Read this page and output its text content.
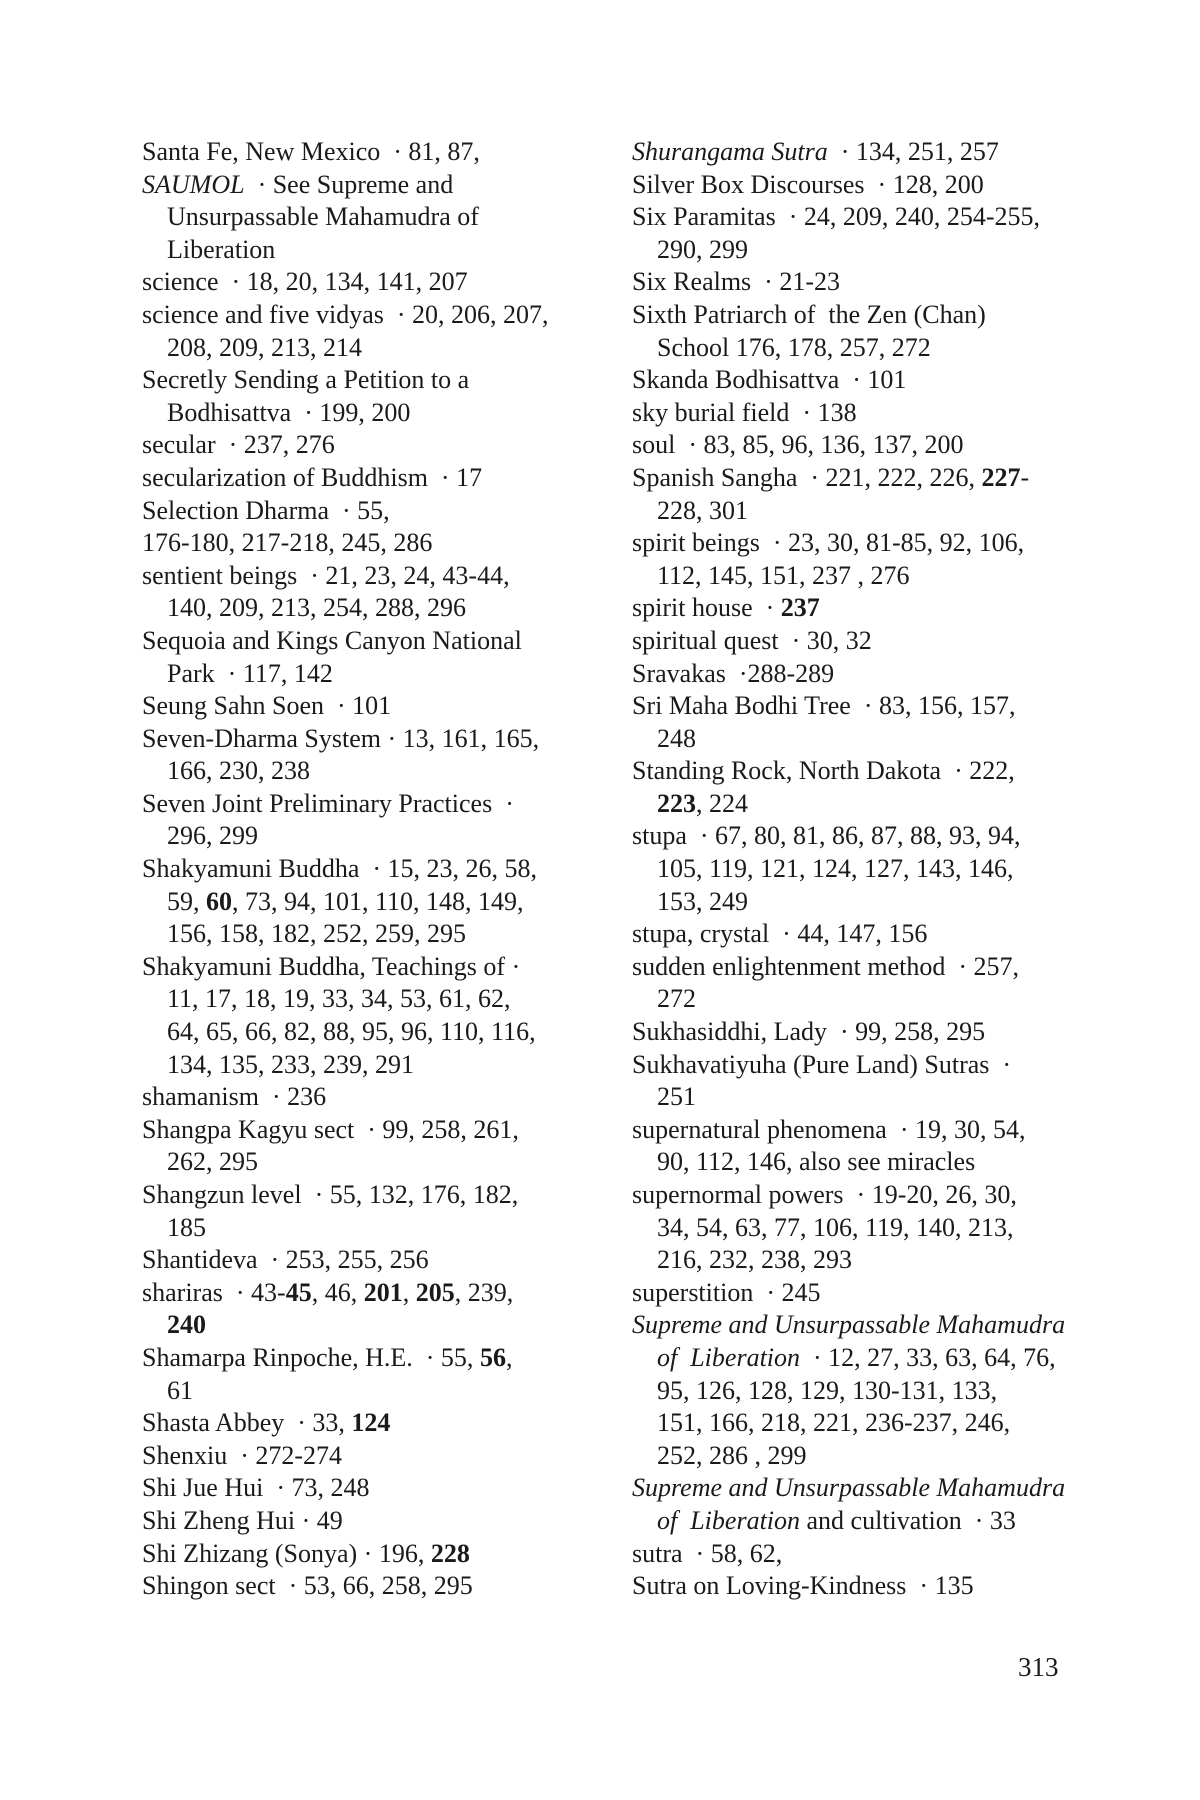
Santa Fe, New Mexico  · 81, 87,
SAUMOL  · See Supreme and
Unsurpassable Mahamudra of
Liberation
science  · 18, 20, 134, 141, 207
science and five vidyas  · 20, 206, 207,
208, 209, 213, 214
Secretly Sending a Petition to a
Bodhisattva  · 199, 200
secular  · 237, 276
secularization of Buddhism  · 17
Selection Dharma  · 55,
176-180, 217-218, 245, 286
sentient beings  · 21, 23, 24, 43-44,
140, 209, 213, 254, 288, 296
Sequoia and Kings Canyon National
Park  · 117, 142
Seung Sahn Soen  · 101
Seven-Dharma System · 13, 161, 165,
166, 230, 238
Seven Joint Preliminary Practices  ·
296, 299
Shakyamuni Buddha  · 15, 23, 26, 58,
59, 60, 73, 94, 101, 110, 148, 149,
156, 158, 182, 252, 259, 295
Shakyamuni Buddha, Teachings of ·
11, 17, 18, 19, 33, 34, 53, 61, 62,
64, 65, 66, 82, 88, 95, 96, 110, 116,
134, 135, 233, 239, 291
shamanism  · 236
Shangpa Kagyu sect  · 99, 258, 261,
262, 295
Shangzun level  · 55, 132, 176, 182,
185
Shantideva  · 253, 255, 256
shariras  · 43-45, 46, 201, 205, 239,
240
Shamarpa Rinpoche, H.E.  · 55, 56,
61
Shasta Abbey  · 33, 124
Shenxiu  · 272-274
Shi Jue Hui  · 73, 248
Shi Zheng Hui · 49
Shi Zhizang (Sonya) · 196, 228
Shingon sect  · 53, 66, 258, 295
Shurangama Sutra  · 134, 251, 257
Silver Box Discourses  · 128, 200
Six Paramitas  · 24, 209, 240, 254-255,
290, 299
Six Realms  · 21-23
Sixth Patriarch of  the Zen (Chan)
School 176, 178, 257, 272
Skanda Bodhisattva  · 101
sky burial field  · 138
soul  · 83, 85, 96, 136, 137, 200
Spanish Sangha  · 221, 222, 226, 227-
228, 301
spirit beings  · 23, 30, 81-85, 92, 106,
112, 145, 151, 237 , 276
spirit house  · 237
spiritual quest  · 30, 32
Sravakas  ·288-289
Sri Maha Bodhi Tree  · 83, 156, 157,
248
Standing Rock, North Dakota  · 222,
223, 224
stupa  · 67, 80, 81, 86, 87, 88, 93, 94,
105, 119, 121, 124, 127, 143, 146,
153, 249
stupa, crystal  · 44, 147, 156
sudden enlightenment method  · 257,
272
Sukhasiddhi, Lady  · 99, 258, 295
Sukhavatiyuha (Pure Land) Sutras  ·
251
supernatural phenomena  · 19, 30, 54,
90, 112, 146, also see miracles
supernormal powers  · 19-20, 26, 30,
34, 54, 63, 77, 106, 119, 140, 213,
216, 232, 238, 293
superstition  · 245
Supreme and Unsurpassable Mahamudra
of  Liberation  · 12, 27, 33, 63, 64, 76,
95, 126, 128, 129, 130-131, 133,
151, 166, 218, 221, 236-237, 246,
252, 286 , 299
Supreme and Unsurpassable Mahamudra
of  Liberation and cultivation  · 33
sutra  · 58, 62,
Sutra on Loving-Kindness  · 135
313
